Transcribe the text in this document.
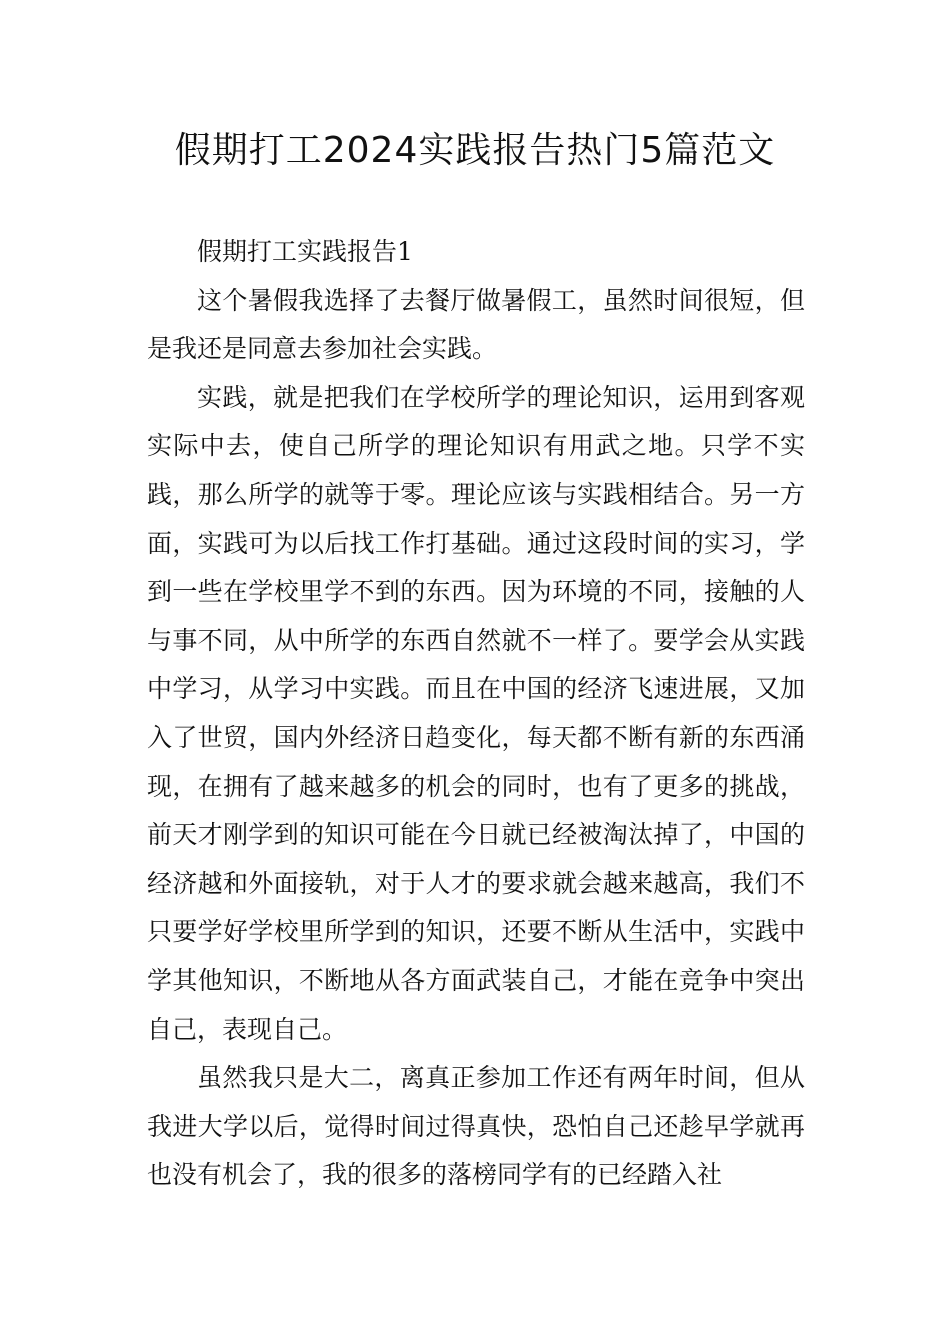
假期打工2024实践报告热门5篇范文

假期打工实践报告1

这个暑假我选择了去餐厅做暑假工，虽然时间很短，但是我还是同意去参加社会实践。

实践，就是把我们在学校所学的理论知识，运用到客观实际中去，使自己所学的理论知识有用武之地。只学不实践，那么所学的就等于零。理论应该与实践相结合。另一方面，实践可为以后找工作打基础。通过这段时间的实习，学到一些在学校里学不到的东西。因为环境的不同，接触的人与事不同，从中所学的东西自然就不一样了。要学会从实践中学习，从学习中实践。而且在中国的经济飞速进展，又加入了世贸，国内外经济日趋变化，每天都不断有新的东西涌现，在拥有了越来越多的机会的同时，也有了更多的挑战，前天才刚学到的知识可能在今日就已经被淘汰掉了，中国的经济越和外面接轨，对于人才的要求就会越来越高，我们不只要学好学校里所学到的知识，还要不断从生活中，实践中学其他知识，不断地从各方面武装自己，才能在竞争中突出自己，表现自己。

虽然我只是大二，离真正参加工作还有两年时间，但从我进大学以后，觉得时间过得真快，恐怕自己还趁早学就再也没有机会了，我的很多的落榜同学有的已经踏入社
